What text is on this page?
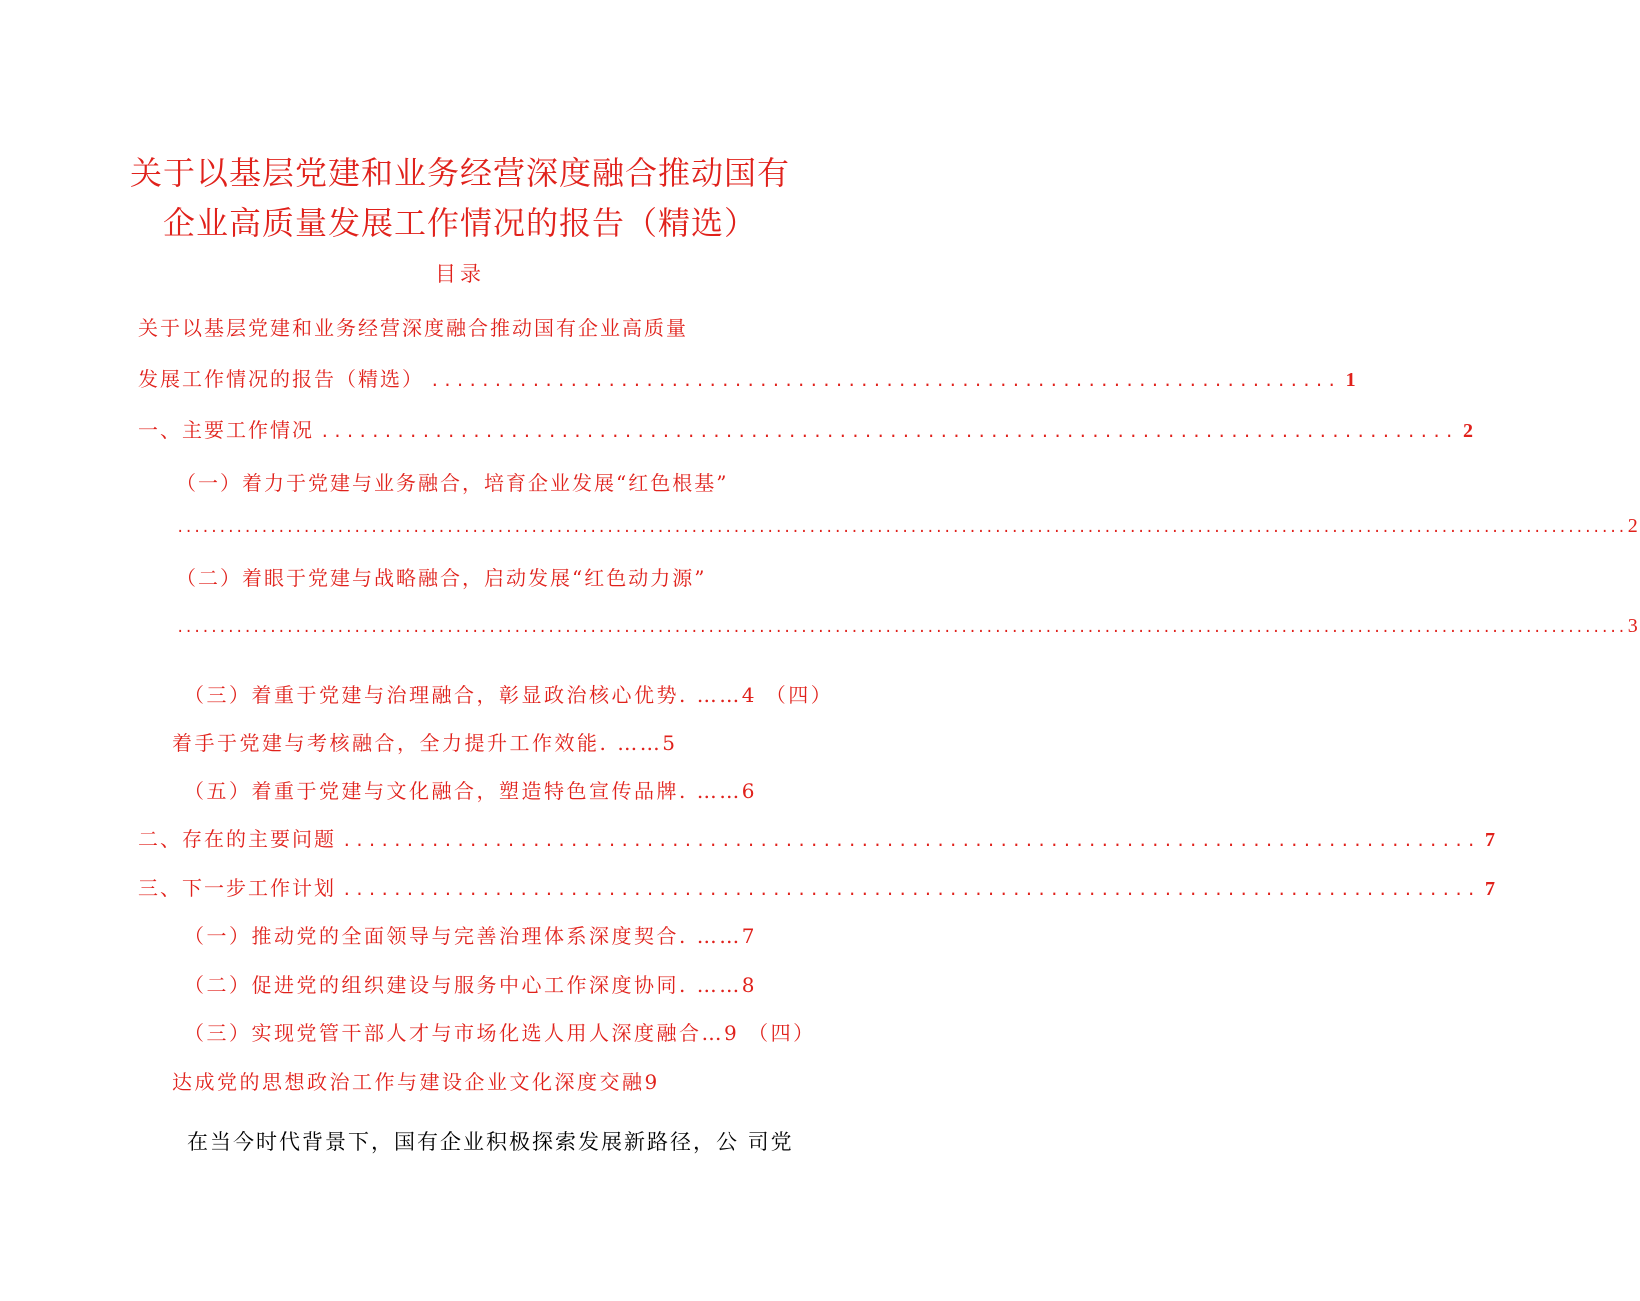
关于以基层党建和业务经营深度融合推动国有
企业高质量发展工作情况的报告（精选）
目录
关于以基层党建和业务经营深度融合推动国有企业高质量
发展工作情况的报告（精选） ........................................................................ 1
一、主要工作情况 .......................................................................................... 2
（一）着力于党建与业务融合，培育企业发展“红色根基”
............................................................................................................................................................................ 2
（二）着眼于党建与战略融合，启动发展“红色动力源”
............................................................................................................................................................................ 3
（三）着重于党建与治理融合，彰显政治核心优势. ……4 （四）
着手于党建与考核融合，全力提升工作效能. ……5
（五）着重于党建与文化融合，塑造特色宣传品牌. ……6
二、存在的主要问题 .......................................................................................... 7
三、下一步工作计划 .......................................................................................... 7
（一）推动党的全面领导与完善治理体系深度契合. ……7
（二）促进党的组织建设与服务中心工作深度协同. ……8
（三）实现党管干部人才与市场化选人用人深度融合…9 （四）
达成党的思想政治工作与建设企业文化深度交融9
在当今时代背景下，国有企业积极探索发展新路径，公 司党
